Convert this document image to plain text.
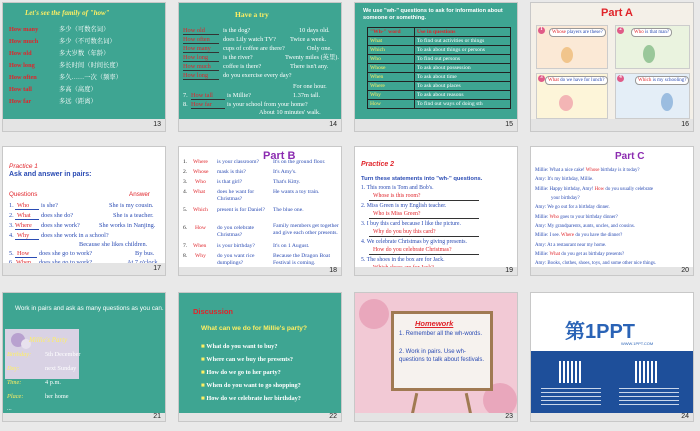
Let's see the family of "how"
How many	多少（可数名词）
How much	多少（不可数名词）
How old	多大岁数（年龄）
How long	多长时间（时间长度）
How often	多久……一次（频率）
How tall	多高（高度）
How far	多远（距离）
13
Have a try
How old	is the dog?	10 days old.
How often does Lily watch TV? Twice a week.
How many cups of coffee are there?	Only one.
How long is the river?	Twenty miles (英里).
How much coffee is there?	There isn't any.
How long do you exercise every day?
For one hour.
7. How tall is Millie?	1.37m tall.
8. How far is your school from your home?
About 10 minutes' walk.
14
We use "wh-" questions to ask for information about someone or something.
"Wh-" word	Use in questions
What	To find out activities or things
Which	To ask about things or persons
Who	To find out persons
Whose	To ask about possession
When	To ask about time
Where	To ask about places
Why	To ask about reasons
How	To find out ways of doing sth
15
Part A
1	2
3	4
Whose players are these?	Who is that man?
What do we have for lunch?	Which is my schooling?
16
Practice 1
Ask and answer in pairs:
Questions	Answer
1. Who is she?	She is my cousin.
2. What does she do?	She is a teacher.
3. Where does she work?	She works in Nanjing.
4. Why does she work in a school?
Because she likes children.
5. How does she go to work?	By bus.
17
Part B
1. Where is your classroom?	It's on the ground floor.
2. Whose mask is this?	It's Amy's.
3. Who is that girl?	That's Kitty.
4. What does he want for Christmas?
He wants a toy train.
5. Which present is for Daniel?	The blue one.
6. How do you celebrate Christmas?
Family members get together and give each other presents.
7. When is your birthday?	It's on 1 August.
8. Why do you want rice dumplings?
Because the Dragon Boat Festival is coming.
18
Practice 2
Turn these statements into "wh-" questions.
1. This room is Tom and Bob's.
Whose is this room?
2. Miss Green is my English teacher.
Who is Miss Green?
3. I buy this card because I like the picture.
Why do you buy this card?
4. We celebrate Christmas by giving presents.
How do you celebrate Christmas?
5. The shoes in the box are for Jack.
19
Part C
Millie: What a nice cake! Whose birthday is it today?
Amy: It's my birthday, Millie.
Millie: Happy birthday, Amy! How do you usually celebrate
your birthday?
Amy: We go out for a birthday dinner.
Millie: Who goes to your birthday dinner?
Amy: My grandparents, aunts, uncles, and cousins.
Millie: I see. Where do you have the dinner?
Amy: At a restaurant near my home.
Millie: What do you get as birthday presents?
Amy: Books, clothes, shoes, toys, and some other nice things.
20
Work in pairs and ask as many questions as you can.
Millie's Party
Birthday: 5th December
Day:	next Sunday
Time:	4 p.m.
Place:	her home
...
21
Discussion
What can we do for Millie's party?
■ What do you want to buy?
■ Where can we buy the presents?
■ How do we go to her party?
■ When do you want to go shopping?
■ How do we celebrate her birthday?
22
Homework
1. Remember all the wh-words.
2. Work in pairs. Use wh-questions to talk about festivals.
23
第1PPT
WWW.1PPT.COM
24
